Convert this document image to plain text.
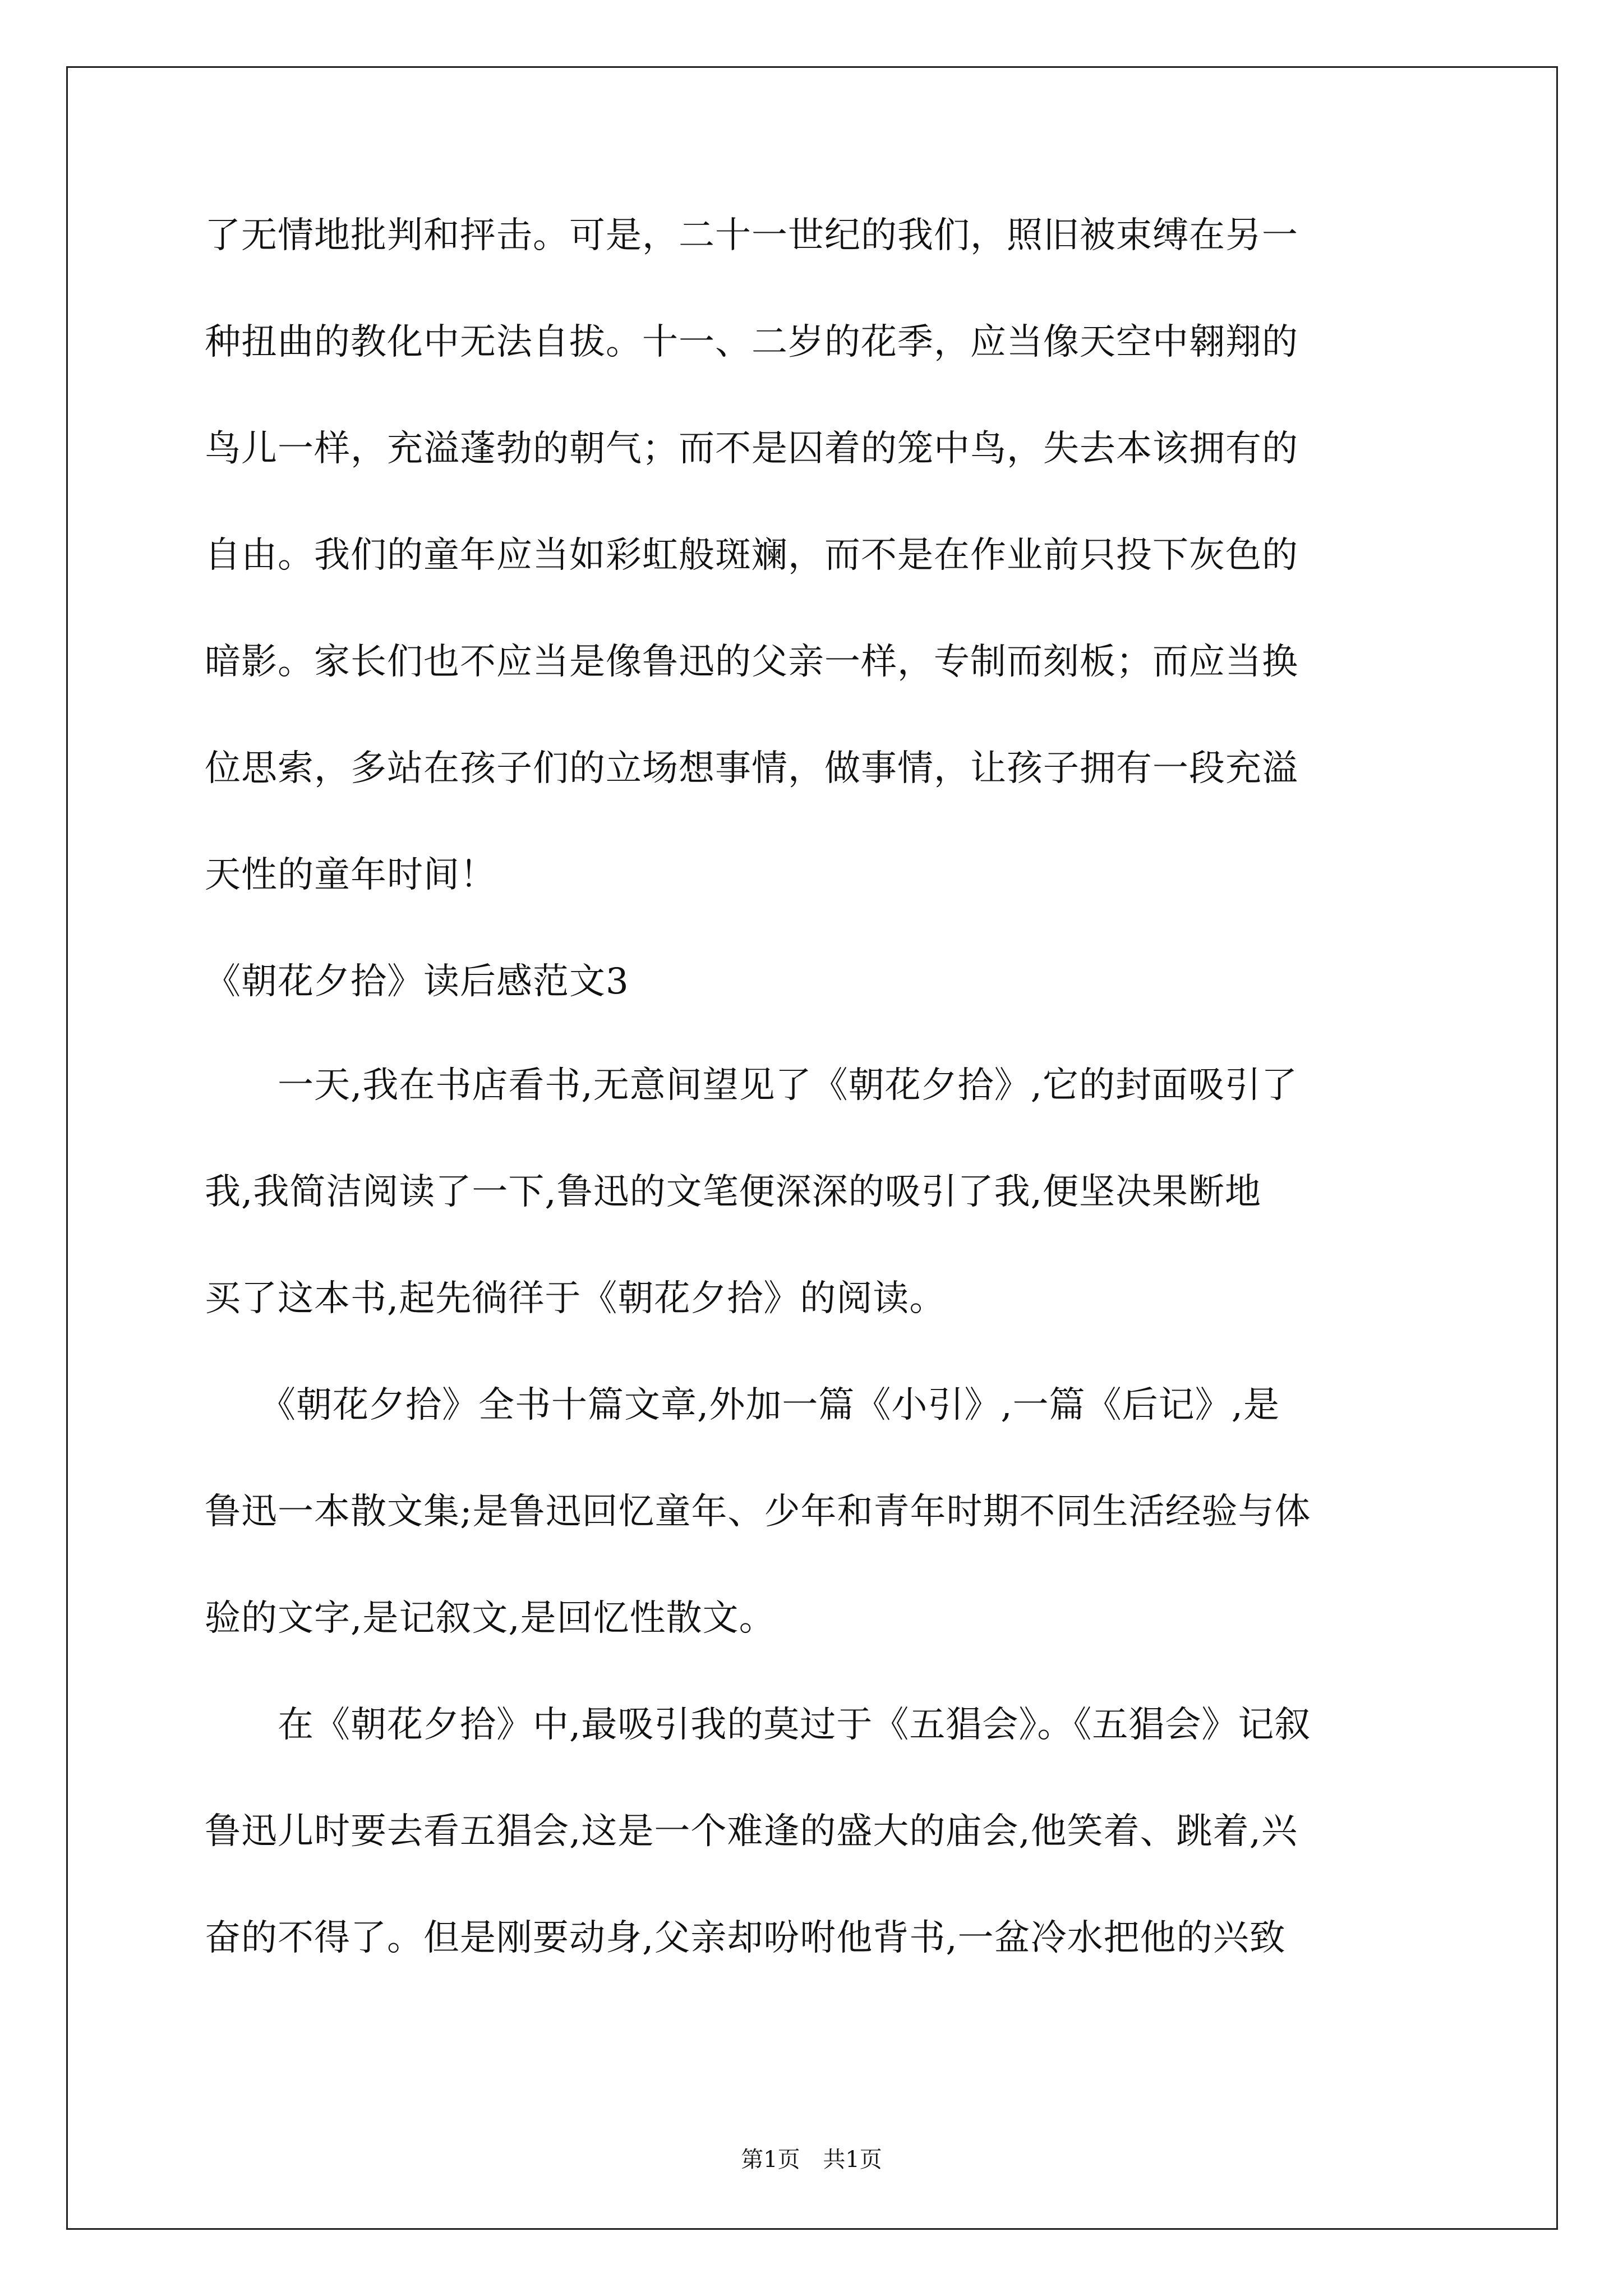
了无情地批判和抨击。可是，二十一世纪的我们，照旧被束缚在另一
种扭曲的教化中无法自拔。十一、二岁的花季，应当像天空中翱翔的
鸟儿一样，充溢蓬勃的朝气；而不是囚着的笼中鸟，失去本该拥有的
自由。我们的童年应当如彩虹般斑斓，而不是在作业前只投下灰色的
暗影。家长们也不应当是像鲁迅的父亲一样，专制而刻板；而应当换
位思索，多站在孩子们的立场想事情，做事情，让孩子拥有一段充溢
天性的童年时间！
《朝花夕拾》读后感范文3
　　一天,我在书店看书,无意间望见了《朝花夕拾》,它的封面吸引了
我,我简洁阅读了一下,鲁迅的文笔便深深的吸引了我,便坚决果断地
买了这本书,起先徜徉于《朝花夕拾》的阅读。
　　《朝花夕拾》全书十篇文章,外加一篇《小引》,一篇《后记》,是
鲁迅一本散文集;是鲁迅回忆童年、少年和青年时期不同生活经验与体
验的文字,是记叙文,是回忆性散文。
　　在《朝花夕拾》中,最吸引我的莫过于《五猖会》。《五猖会》记叙
鲁迅儿时要去看五猖会,这是一个难逢的盛大的庙会,他笑着、跳着,兴
奋的不得了。但是刚要动身,父亲却吩咐他背书,一盆冷水把他的兴致
第1页 共1页
